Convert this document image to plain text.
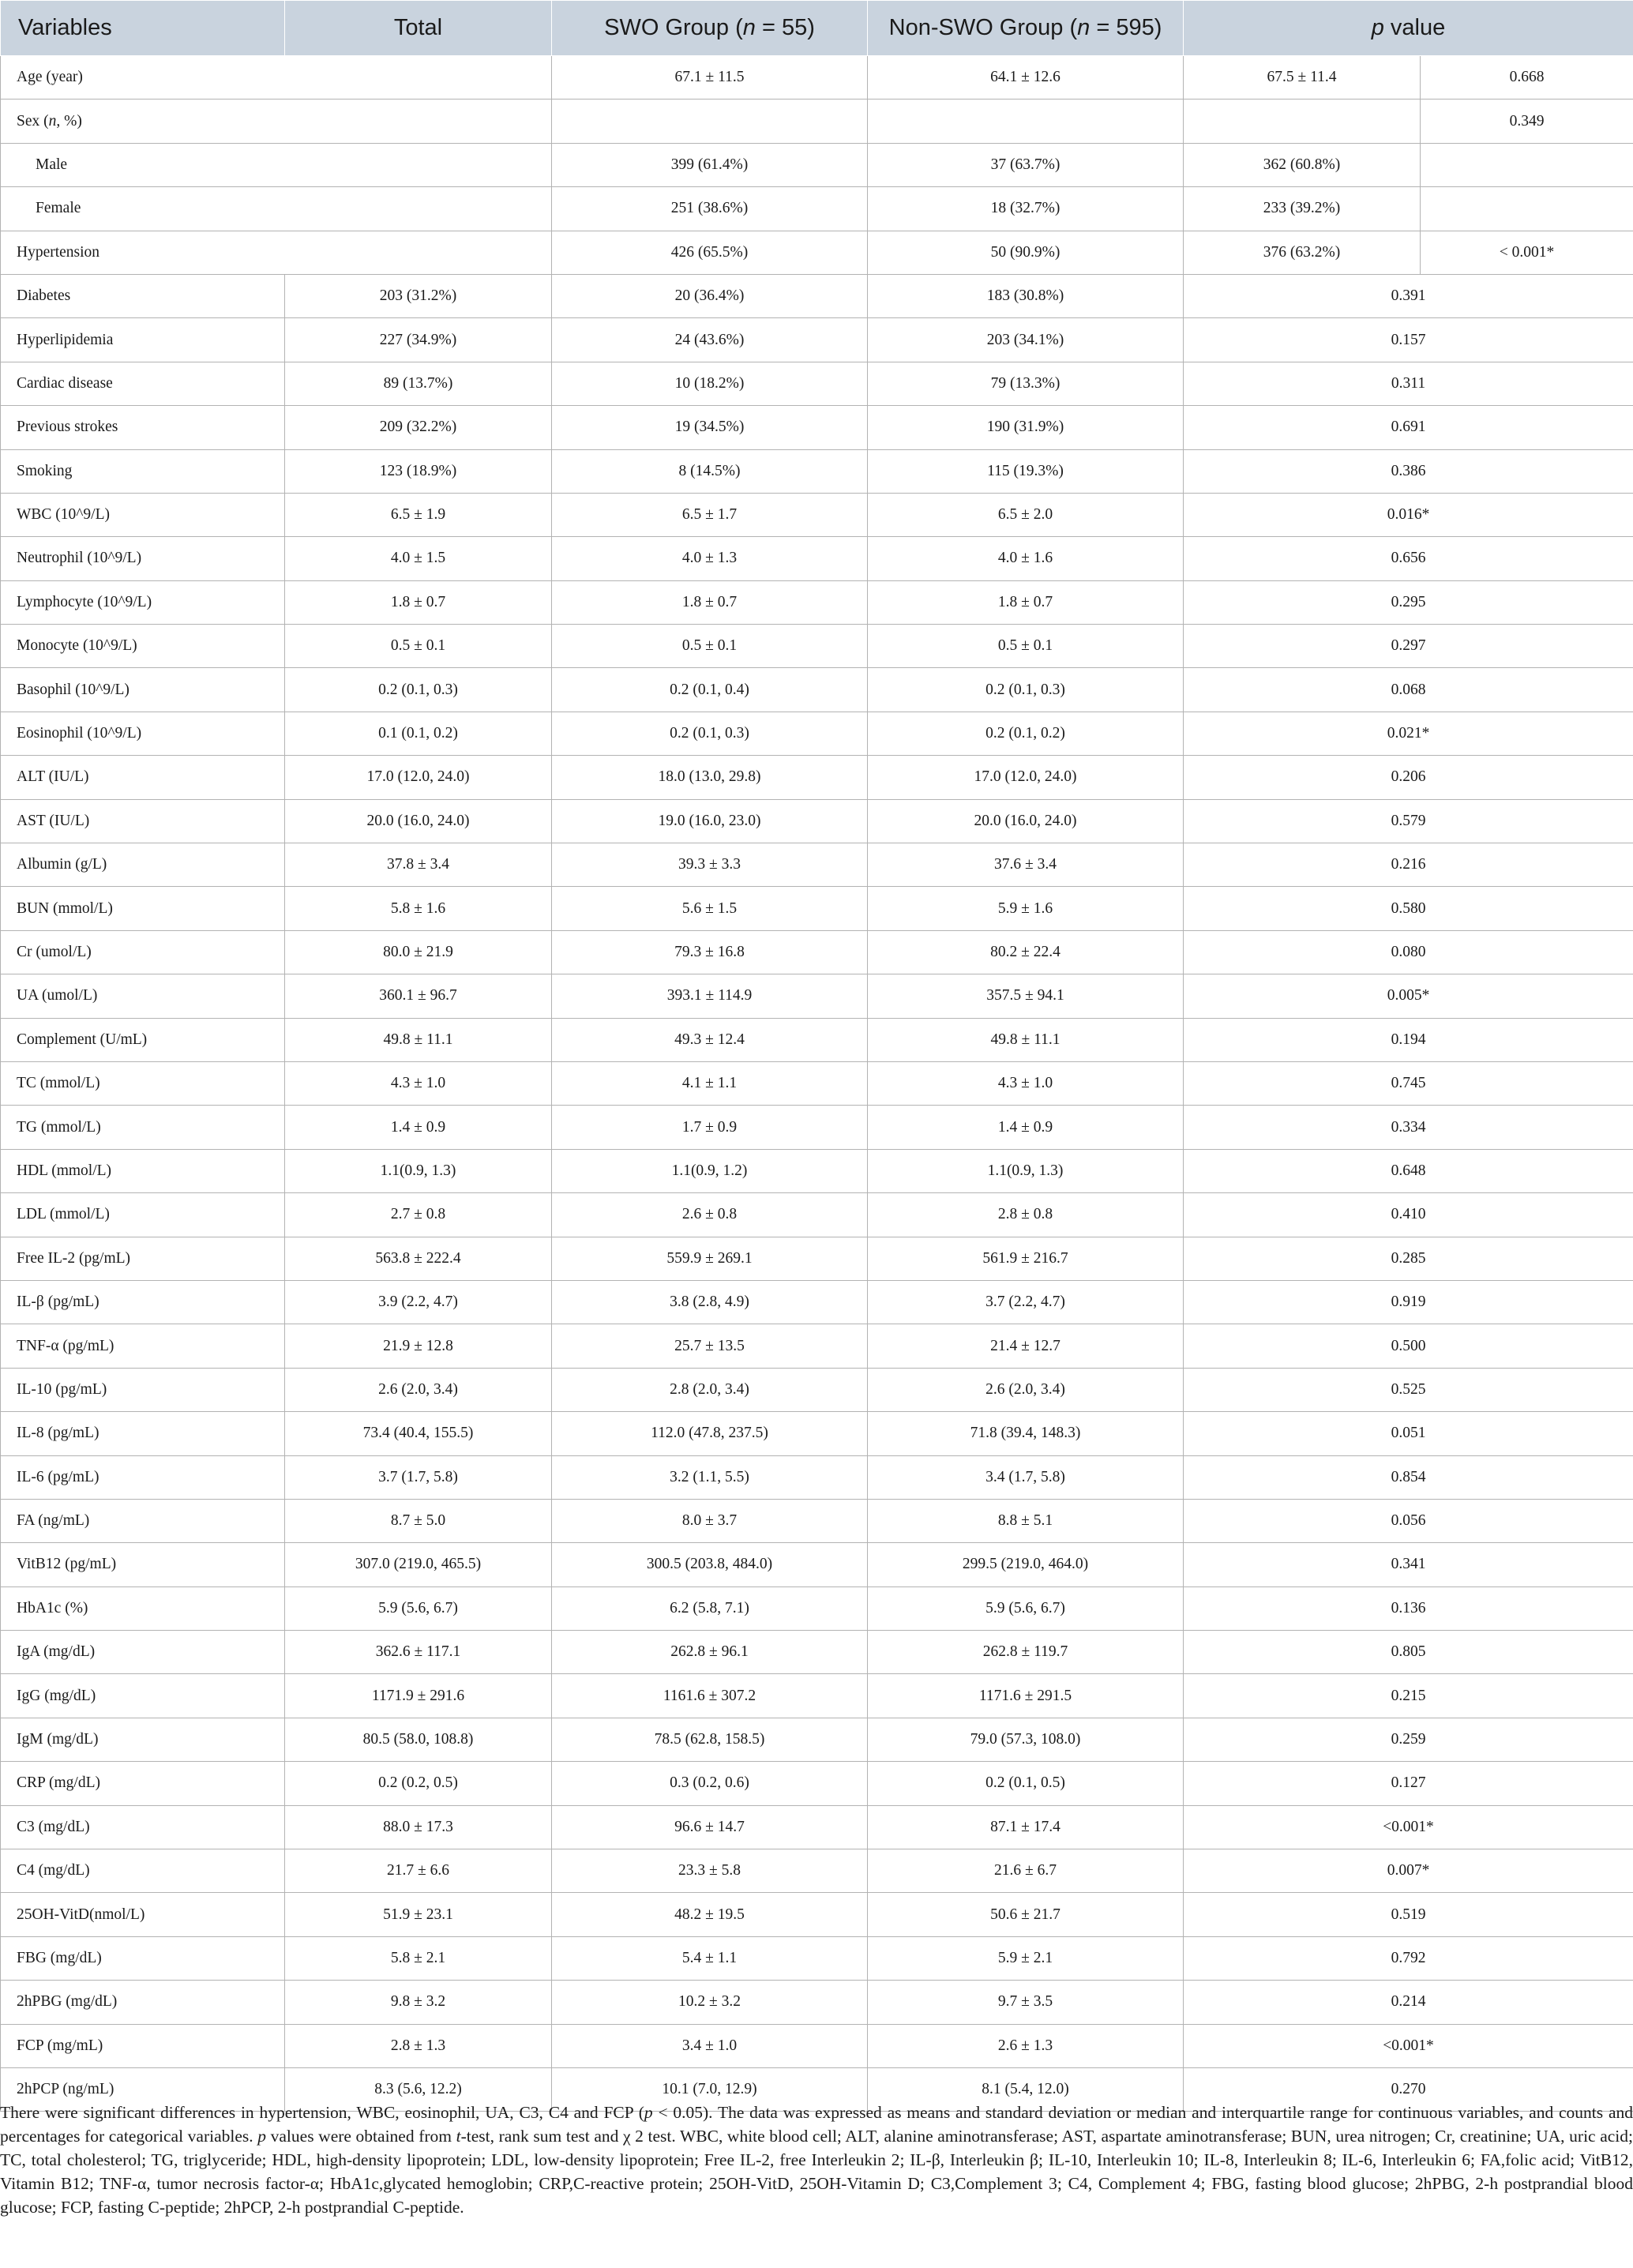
Variables	Total	SWO Group (n = 55)	Non-SWO Group (n = 595)	p value	
Age (year)		67.1 ± 11.5	64.1 ± 12.6	67.5 ± 11.4	0.668
Sex (n, %)					0.349
Male		399 (61.4%)	37 (63.7%)	362 (60.8%)	
Female		251 (38.6%)	18 (32.7%)	233 (39.2%)	
Hypertension		426 (65.5%)	50 (90.9%)	376 (63.2%)	< 0.001*
Diabetes	203 (31.2%)	20 (36.4%)	183 (30.8%)	0.391	
Hyperlipidemia	227 (34.9%)	24 (43.6%)	203 (34.1%)	0.157	
Cardiac disease	89 (13.7%)	10 (18.2%)	79 (13.3%)	0.311	
Previous strokes	209 (32.2%)	19 (34.5%)	190 (31.9%)	0.691	
Smoking	123 (18.9%)	8 (14.5%)	115 (19.3%)	0.386	
WBC (10^9/L)	6.5 ± 1.9	6.5 ± 1.7	6.5 ± 2.0	0.016*	
Neutrophil (10^9/L)	4.0 ± 1.5	4.0 ± 1.3	4.0 ± 1.6	0.656	
Lymphocyte (10^9/L)	1.8 ± 0.7	1.8 ± 0.7	1.8 ± 0.7	0.295	
Monocyte (10^9/L)	0.5 ± 0.1	0.5 ± 0.1	0.5 ± 0.1	0.297	
Basophil (10^9/L)	0.2 (0.1, 0.3)	0.2 (0.1, 0.4)	0.2 (0.1, 0.3)	0.068	
Eosinophil (10^9/L)	0.1 (0.1, 0.2)	0.2 (0.1, 0.3)	0.2 (0.1, 0.2)	0.021*	
ALT (IU/L)	17.0 (12.0, 24.0)	18.0 (13.0, 29.8)	17.0 (12.0, 24.0)	0.206	
AST (IU/L)	20.0 (16.0, 24.0)	19.0 (16.0, 23.0)	20.0 (16.0, 24.0)	0.579	
Albumin (g/L)	37.8 ± 3.4	39.3 ± 3.3	37.6 ± 3.4	0.216	
BUN (mmol/L)	5.8 ± 1.6	5.6 ± 1.5	5.9 ± 1.6	0.580	
Cr (umol/L)	80.0 ± 21.9	79.3 ± 16.8	80.2 ± 22.4	0.080	
UA (umol/L)	360.1 ± 96.7	393.1 ± 114.9	357.5 ± 94.1	0.005*	
Complement (U/mL)	49.8 ± 11.1	49.3 ± 12.4	49.8 ± 11.1	0.194	
TC (mmol/L)	4.3 ± 1.0	4.1 ± 1.1	4.3 ± 1.0	0.745	
TG (mmol/L)	1.4 ± 0.9	1.7 ± 0.9	1.4 ± 0.9	0.334	
HDL (mmol/L)	1.1(0.9, 1.3)	1.1(0.9, 1.2)	1.1(0.9, 1.3)	0.648	
LDL (mmol/L)	2.7 ± 0.8	2.6 ± 0.8	2.8 ± 0.8	0.410	
Free IL-2 (pg/mL)	563.8 ± 222.4	559.9 ± 269.1	561.9 ± 216.7	0.285	
IL-β (pg/mL)	3.9 (2.2, 4.7)	3.8 (2.8, 4.9)	3.7 (2.2, 4.7)	0.919	
TNF-α (pg/mL)	21.9 ± 12.8	25.7 ± 13.5	21.4 ± 12.7	0.500	
IL-10 (pg/mL)	2.6 (2.0, 3.4)	2.8 (2.0, 3.4)	2.6 (2.0, 3.4)	0.525	
IL-8 (pg/mL)	73.4 (40.4, 155.5)	112.0 (47.8, 237.5)	71.8 (39.4, 148.3)	0.051	
IL-6 (pg/mL)	3.7 (1.7, 5.8)	3.2 (1.1, 5.5)	3.4 (1.7, 5.8)	0.854	
FA (ng/mL)	8.7 ± 5.0	8.0 ± 3.7	8.8 ± 5.1	0.056	
VitB12 (pg/mL)	307.0 (219.0, 465.5)	300.5 (203.8, 484.0)	299.5 (219.0, 464.0)	0.341	
HbA1c (%)	5.9 (5.6, 6.7)	6.2 (5.8, 7.1)	5.9 (5.6, 6.7)	0.136	
IgA (mg/dL)	362.6 ± 117.1	262.8 ± 96.1	262.8 ± 119.7	0.805	
IgG (mg/dL)	1171.9 ± 291.6	1161.6 ± 307.2	1171.6 ± 291.5	0.215	
IgM (mg/dL)	80.5 (58.0, 108.8)	78.5 (62.8, 158.5)	79.0 (57.3, 108.0)	0.259	
CRP (mg/dL)	0.2 (0.2, 0.5)	0.3 (0.2, 0.6)	0.2 (0.1, 0.5)	0.127	
C3 (mg/dL)	88.0 ± 17.3	96.6 ± 14.7	87.1 ± 17.4	<0.001*	
C4 (mg/dL)	21.7 ± 6.6	23.3 ± 5.8	21.6 ± 6.7	0.007*	
25OH-VitD(nmol/L)	51.9 ± 23.1	48.2 ± 19.5	50.6 ± 21.7	0.519	
FBG (mg/dL)	5.8 ± 2.1	5.4 ± 1.1	5.9 ± 2.1	0.792	
2hPBG (mg/dL)	9.8 ± 3.2	10.2 ± 3.2	9.7 ± 3.5	0.214	
FCP (mg/mL)	2.8 ± 1.3	3.4 ± 1.0	2.6 ± 1.3	<0.001*	
2hPCP (ng/mL)	8.3 (5.6, 12.2)	10.1 (7.0, 12.9)	8.1 (5.4, 12.0)	0.270	

There were significant differences in hypertension, WBC, eosinophil, UA, C3, C4 and FCP (p < 0.05). The data was expressed as means and standard deviation or median and interquartile range for continuous variables, and counts and percentages for categorical variables. p values were obtained from t-test, rank sum test and χ 2 test. WBC, white blood cell; ALT, alanine aminotransferase; AST, aspartate aminotransferase; BUN, urea nitrogen; Cr, creatinine; UA, uric acid; TC, total cholesterol; TG, triglyceride; HDL, high-density lipoprotein; LDL, low-density lipoprotein; Free IL-2, free Interleukin 2; IL-β, Interleukin β; IL-10, Interleukin 10; IL-8, Interleukin 8; IL-6, Interleukin 6; FA,folic acid; VitB12, Vitamin B12; TNF-α, tumor necrosis factor-α; HbA1c,glycated hemoglobin; CRP,C-reactive protein; 25OH-VitD, 25OH-Vitamin D; C3,Complement 3; C4, Complement 4; FBG, fasting blood glucose; 2hPBG, 2-h postprandial blood glucose; FCP, fasting C-peptide; 2hPCP, 2-h postprandial C-peptide.
